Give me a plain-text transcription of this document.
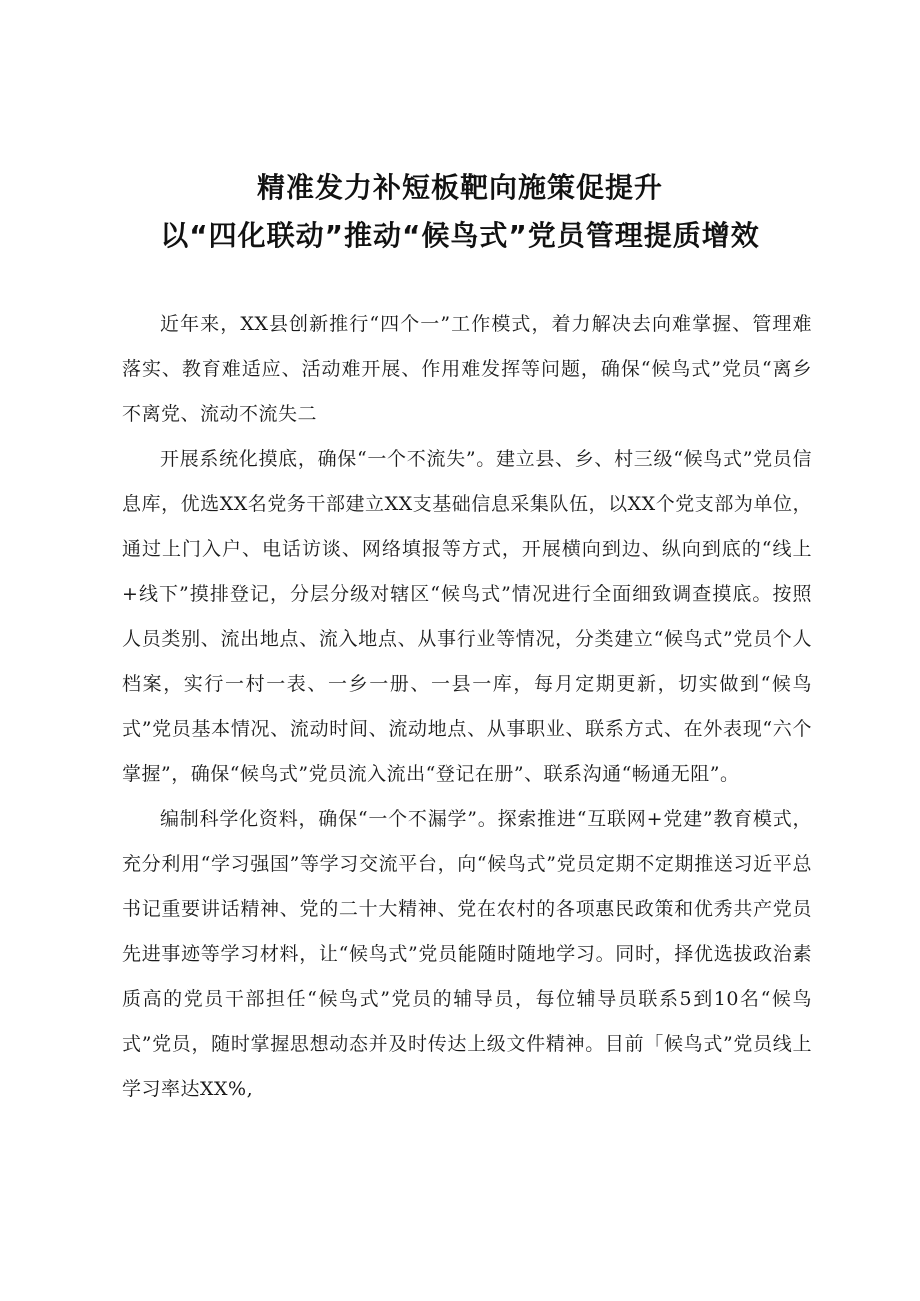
精准发力补短板靶向施策促提升
以“四化联动”推动“候鸟式”党员管理提质增效

近年来，XX县创新推行“四个一”工作模式，着力解决去向难掌握、管理难落实、教育难适应、活动难开展、作用难发挥等问题，确保“候鸟式”党员“离乡不离党、流动不流失二

开展系统化摸底，确保“一个不流失”。建立县、乡、村三级“候鸟式”党员信息库，优选XX名党务干部建立XX支基础信息采集队伍，以XX个党支部为单位，通过上门入户、电话访谈、网络填报等方式，开展横向到边、纵向到底的“线上+线下”摸排登记，分层分级对辖区“候鸟式”情况进行全面细致调查摸底。按照人员类别、流出地点、流入地点、从事行业等情况，分类建立“候鸟式”党员个人档案，实行一村一表、一乡一册、一县一库，每月定期更新，切实做到“候鸟式”党员基本情况、流动时间、流动地点、从事职业、联系方式、在外表现“六个掌握”，确保“候鸟式”党员流入流出“登记在册”、联系沟通“畅通无阻”。

编制科学化资料，确保“一个不漏学”。探索推进“互联网+党建”教育模式，充分利用“学习强国”等学习交流平台，向“候鸟式”党员定期不定期推送习近平总书记重要讲话精神、党的二十大精神、党在农村的各项惠民政策和优秀共产党员先进事迹等学习材料，让“候鸟式”党员能随时随地学习。同时，择优选拔政治素质高的党员干部担任“候鸟式”党员的辅导员，每位辅导员联系5到10名“候鸟式”党员，随时掌握思想动态并及时传达上级文件精神。目前「候鸟式”党员线上学习率达XX%,
